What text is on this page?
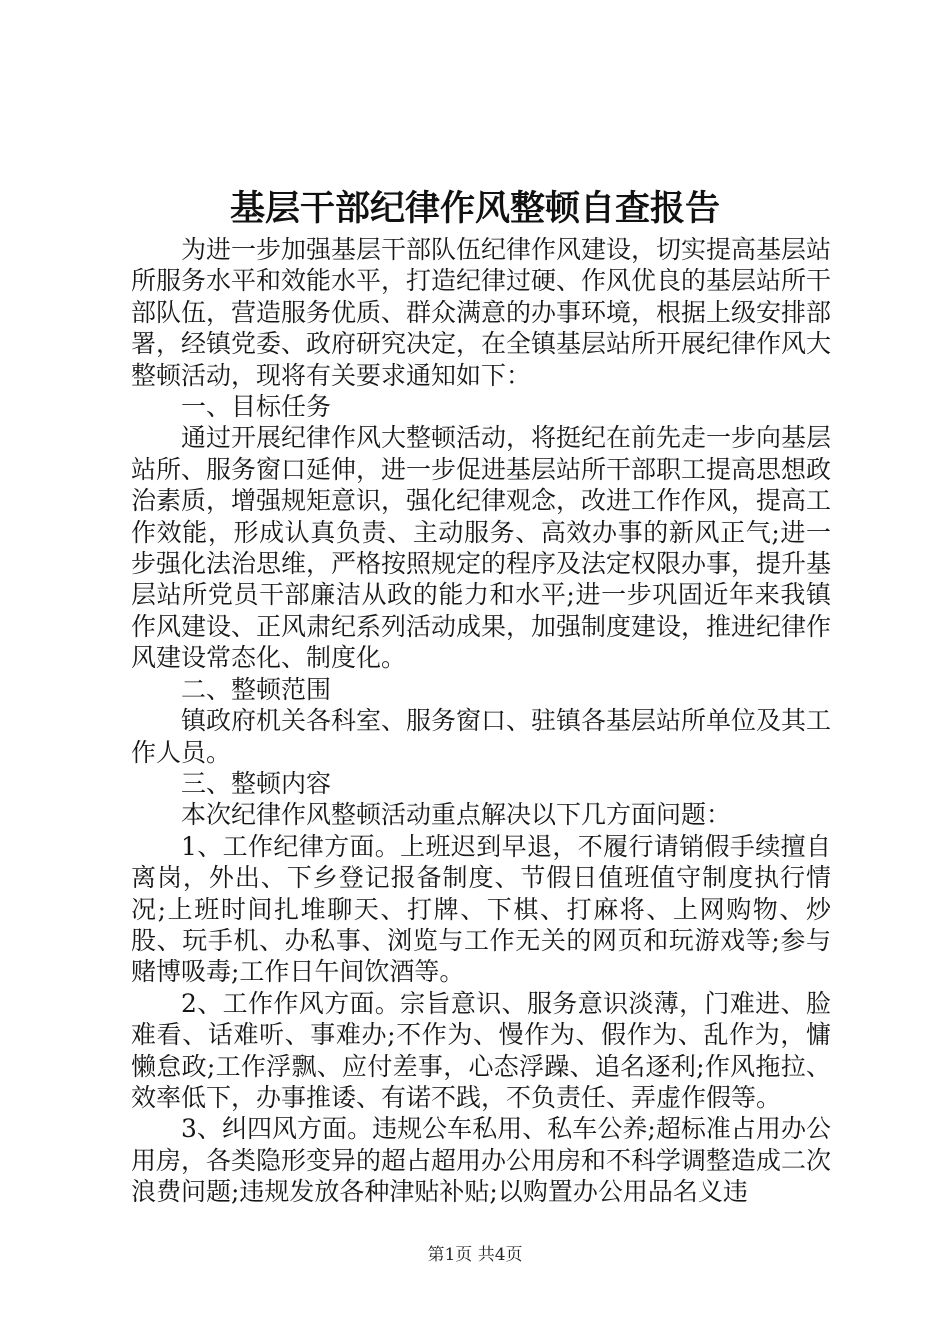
基层干部纪律作风整顿自查报告

为进一步加强基层干部队伍纪律作风建设，切实提高基层站所服务水平和效能水平，打造纪律过硬、作风优良的基层站所干部队伍，营造服务优质、群众满意的办事环境，根据上级安排部署，经镇党委、政府研究决定，在全镇基层站所开展纪律作风大整顿活动，现将有关要求通知如下：

一、目标任务

通过开展纪律作风大整顿活动，将挺纪在前先走一步向基层站所、服务窗口延伸，进一步促进基层站所干部职工提高思想政治素质，增强规矩意识，强化纪律观念，改进工作作风，提高工作效能，形成认真负责、主动服务、高效办事的新风正气;进一步强化法治思维，严格按照规定的程序及法定权限办事，提升基层站所党员干部廉洁从政的能力和水平;进一步巩固近年来我镇作风建设、正风肃纪系列活动成果，加强制度建设，推进纪律作风建设常态化、制度化。

二、整顿范围

镇政府机关各科室、服务窗口、驻镇各基层站所单位及其工作人员。

三、整顿内容

本次纪律作风整顿活动重点解决以下几方面问题：

1、工作纪律方面。上班迟到早退，不履行请销假手续擅自离岗，外出、下乡登记报备制度、节假日值班值守制度执行情况;上班时间扎堆聊天、打牌、下棋、打麻将、上网购物、炒股、玩手机、办私事、浏览与工作无关的网页和玩游戏等;参与赌博吸毒;工作日午间饮酒等。

2、工作作风方面。宗旨意识、服务意识淡薄，门难进、脸难看、话难听、事难办;不作为、慢作为、假作为、乱作为，慵懒怠政;工作浮飘、应付差事，心态浮躁、追名逐利;作风拖拉、效率低下，办事推诿、有诺不践，不负责任、弄虚作假等。

3、纠四风方面。违规公车私用、私车公养;超标准占用办公用房，各类隐形变异的超占超用办公用房和不科学调整造成二次浪费问题;违规发放各种津贴补贴;以购置办公用品名义违

第1页 共4页
